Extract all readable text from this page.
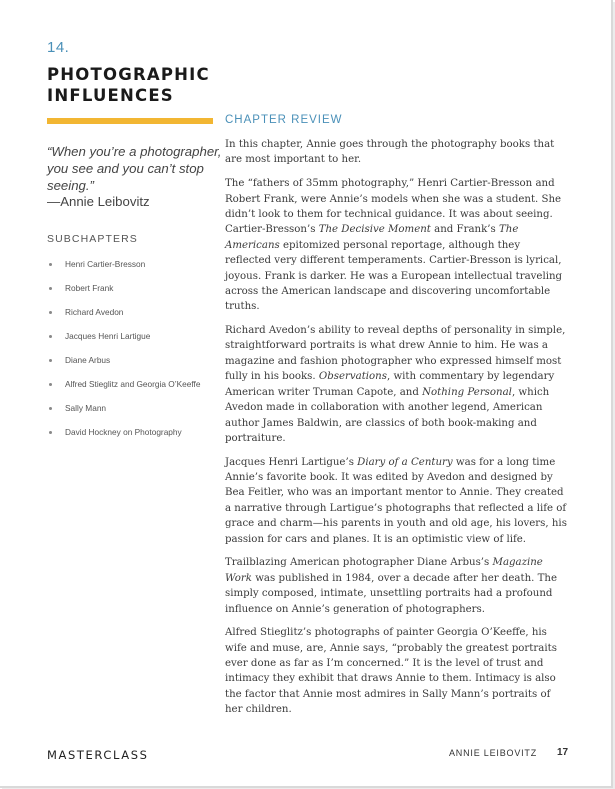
14.
PHOTOGRAPHIC INFLUENCES
“When you’re a photographer, you see and you can’t stop seeing.”
—Annie Leibovitz
SUBCHAPTERS
Henri Cartier-Bresson
Robert Frank
Richard Avedon
Jacques Henri Lartigue
Diane Arbus
Alfred Stieglitz and Georgia O’Keeffe
Sally Mann
David Hockney on Photography
CHAPTER REVIEW

In this chapter, Annie goes through the photography books that are most important to her.

The “fathers of 35mm photography,” Henri Cartier-Bresson and Robert Frank, were Annie’s models when she was a student. She didn’t look to them for technical guidance. It was about seeing. Cartier-Bresson’s The Decisive Moment and Frank’s The Americans epitomized personal reportage, although they reflected very different temperaments. Cartier-Bresson is lyrical, joyous. Frank is darker. He was a European intellectual traveling across the American landscape and discovering uncomfortable truths.

Richard Avedon’s ability to reveal depths of personality in simple, straightforward portraits is what drew Annie to him. He was a magazine and fashion photographer who expressed himself most fully in his books. Observations, with commentary by legendary American writer Truman Capote, and Nothing Personal, which Avedon made in collaboration with another legend, American author James Baldwin, are classics of both book-making and portraiture.

Jacques Henri Lartigue’s Diary of a Century was for a long time Annie’s favorite book. It was edited by Avedon and designed by Bea Feitler, who was an important mentor to Annie. They created a narrative through Lartigue’s photographs that reflected a life of grace and charm—his parents in youth and old age, his lovers, his passion for cars and planes. It is an optimistic view of life.

Trailblazing American photographer Diane Arbus’s Magazine Work was published in 1984, over a decade after her death. The simply composed, intimate, unsettling portraits had a profound influence on Annie’s generation of photographers.

Alfred Stieglitz’s photographs of painter Georgia O’Keeffe, his wife and muse, are, Annie says, “probably the greatest portraits ever done as far as I’m concerned.” It is the level of trust and intimacy they exhibit that draws Annie to them. Intimacy is also the factor that Annie most admires in Sally Mann’s portraits of her children.

MASTERCLASS	ANNIE LEIBOVITZ 17
